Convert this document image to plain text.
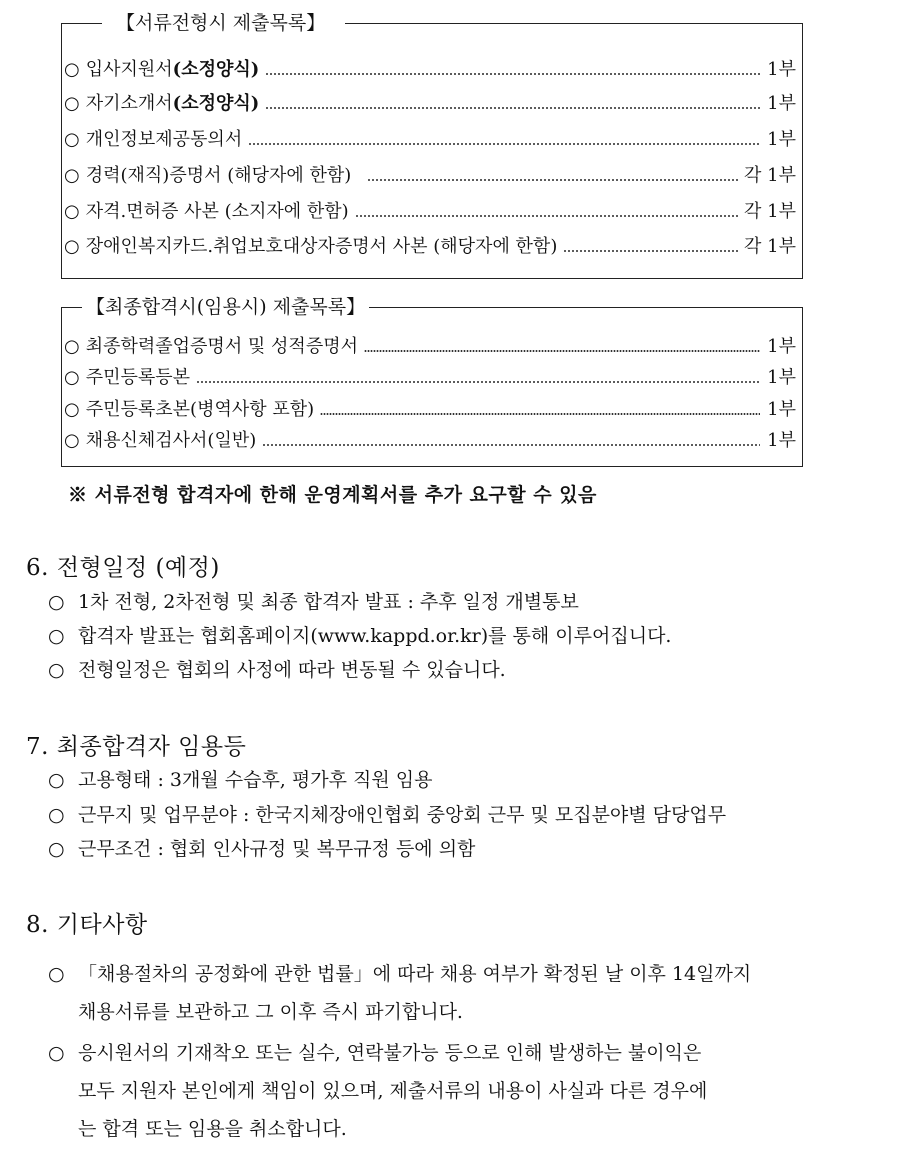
【서류전형시 제출목록】
○ 입사지원서(소정양식)	1부
○ 자기소개서(소정양식)	1부
○ 개인정보제공동의서	1부
○ 경력(재직)증명서 (해당자에 한함)	각 1부
○ 자격.면허증 사본 (소지자에 한함)	각 1부
○ 장애인복지카드.취업보호대상자증명서 사본 (해당자에 한함)	각 1부
【최종합격시(임용시) 제출목록】
○ 최종학력졸업증명서 및 성적증명서	1부
○ 주민등록등본	1부
○ 주민등록초본(병역사항 포함)	1부
○ 채용신체검사서(일반)	1부
※ 서류전형 합격자에 한해 운영계획서를 추가 요구할 수 있음
6. 전형일정 (예정)
○ 1차 전형, 2차전형 및 최종 합격자 발표 : 추후 일정 개별통보
○ 합격자 발표는 협회홈페이지(www.kappd.or.kr)를 통해 이루어집니다.
○ 전형일정은 협회의 사정에 따라 변동될 수 있습니다.
7. 최종합격자 임용등
○ 고용형태 : 3개월 수습후, 평가후 직원 임용
○ 근무지 및 업무분야 : 한국지체장애인협회 중앙회 근무 및 모집분야별 담당업무
○ 근무조건 : 협회 인사규정 및 복무규정 등에 의함
8. 기타사항
○ 「채용절차의 공정화에 관한 법률」에 따라 채용 여부가 확정된 날 이후 14일까지
채용서류를 보관하고 그 이후 즉시 파기합니다.
○ 응시원서의 기재착오 또는 실수, 연락불가능 등으로 인해 발생하는 불이익은
모두 지원자 본인에게 책임이 있으며, 제출서류의 내용이 사실과 다른 경우에
는 합격 또는 임용을 취소합니다.
